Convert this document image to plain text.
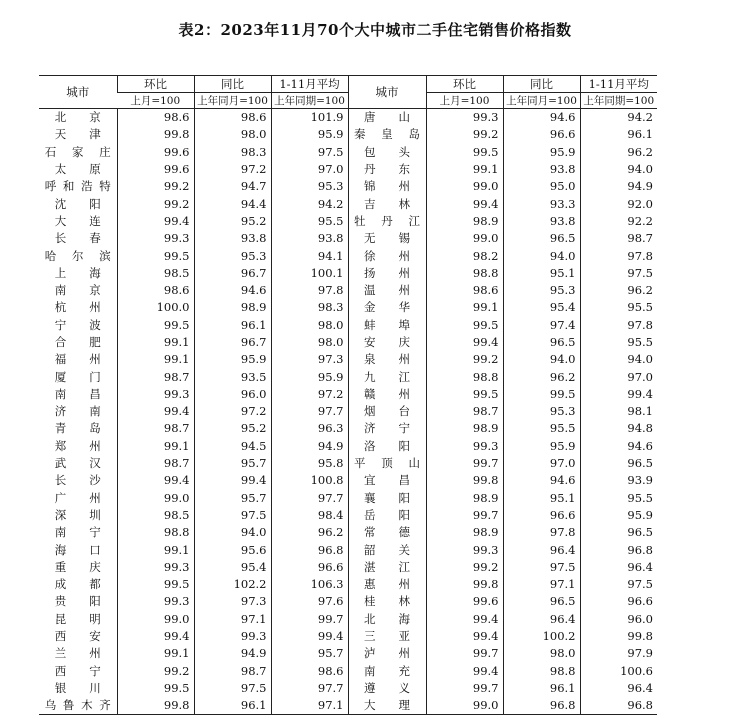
表2：2023年11月70个大中城市二手住宅销售价格指数
城市	环比	同比	1-11月平均	城市	环比	同比	1-11月平均
	上月=100	上年同月=100	上年同期=100		上月=100	上年同月=100	上年同期=100
北　京	98.6	98.6	101.9	唐　山	99.3	94.6	94.2
天　津	99.8	98.0	95.9	秦皇岛	99.2	96.6	96.1
石家庄	99.6	98.3	97.5	包　头	99.5	95.9	96.2
太　原	99.6	97.2	97.0	丹　东	99.1	93.8	94.0
呼和浩特	99.2	94.7	95.3	锦　州	99.0	95.0	94.9
沈　阳	99.2	94.4	94.2	吉　林	99.4	93.3	92.0
大　连	99.4	95.2	95.5	牡丹江	98.9	93.8	92.2
长　春	99.3	93.8	93.8	无　锡	99.0	96.5	98.7
哈尔滨	99.5	95.3	94.1	徐　州	98.2	94.0	97.8
上　海	98.5	96.7	100.1	扬　州	98.8	95.1	97.5
南　京	98.6	94.6	97.8	温　州	98.6	95.3	96.2
杭　州	100.0	98.9	98.3	金　华	99.1	95.4	95.5
宁　波	99.5	96.1	98.0	蚌　埠	99.5	97.4	97.8
合　肥	99.1	96.7	98.0	安　庆	99.4	96.5	95.5
福　州	99.1	95.9	97.3	泉　州	99.2	94.0	94.0
厦　门	98.7	93.5	95.9	九　江	98.8	96.2	97.0
南　昌	99.3	96.0	97.2	赣　州	99.5	99.5	99.4
济　南	99.4	97.2	97.7	烟　台	98.7	95.3	98.1
青　岛	98.7	95.2	96.3	济　宁	98.9	95.5	94.8
郑　州	99.1	94.5	94.9	洛　阳	99.3	95.9	94.6
武　汉	98.7	95.7	95.8	平顶山	99.7	97.0	96.5
长　沙	99.4	99.4	100.8	宜　昌	99.8	94.6	93.9
广　州	99.0	95.7	97.7	襄　阳	98.9	95.1	95.5
深　圳	98.5	97.5	98.4	岳　阳	99.7	96.6	95.9
南　宁	98.8	94.0	96.2	常　德	98.9	97.8	96.5
海　口	99.1	95.6	96.8	韶　关	99.3	96.4	96.8
重　庆	99.3	95.4	96.6	湛　江	99.2	97.5	96.4
成　都	99.5	102.2	106.3	惠　州	99.8	97.1	97.5
贵　阳	99.3	97.3	97.6	桂　林	99.6	96.5	96.6
昆　明	99.0	97.1	99.7	北　海	99.4	96.4	96.0
西　安	99.4	99.3	99.4	三　亚	99.4	100.2	99.8
兰　州	99.1	94.9	95.7	泸　州	99.7	98.0	97.9
西　宁	99.2	98.7	98.6	南　充	99.4	98.8	100.6
银　川	99.5	97.5	97.7	遵　义	99.7	96.1	96.4
乌鲁木齐	99.8	96.1	97.1	大　理	99.0	96.8	96.8
